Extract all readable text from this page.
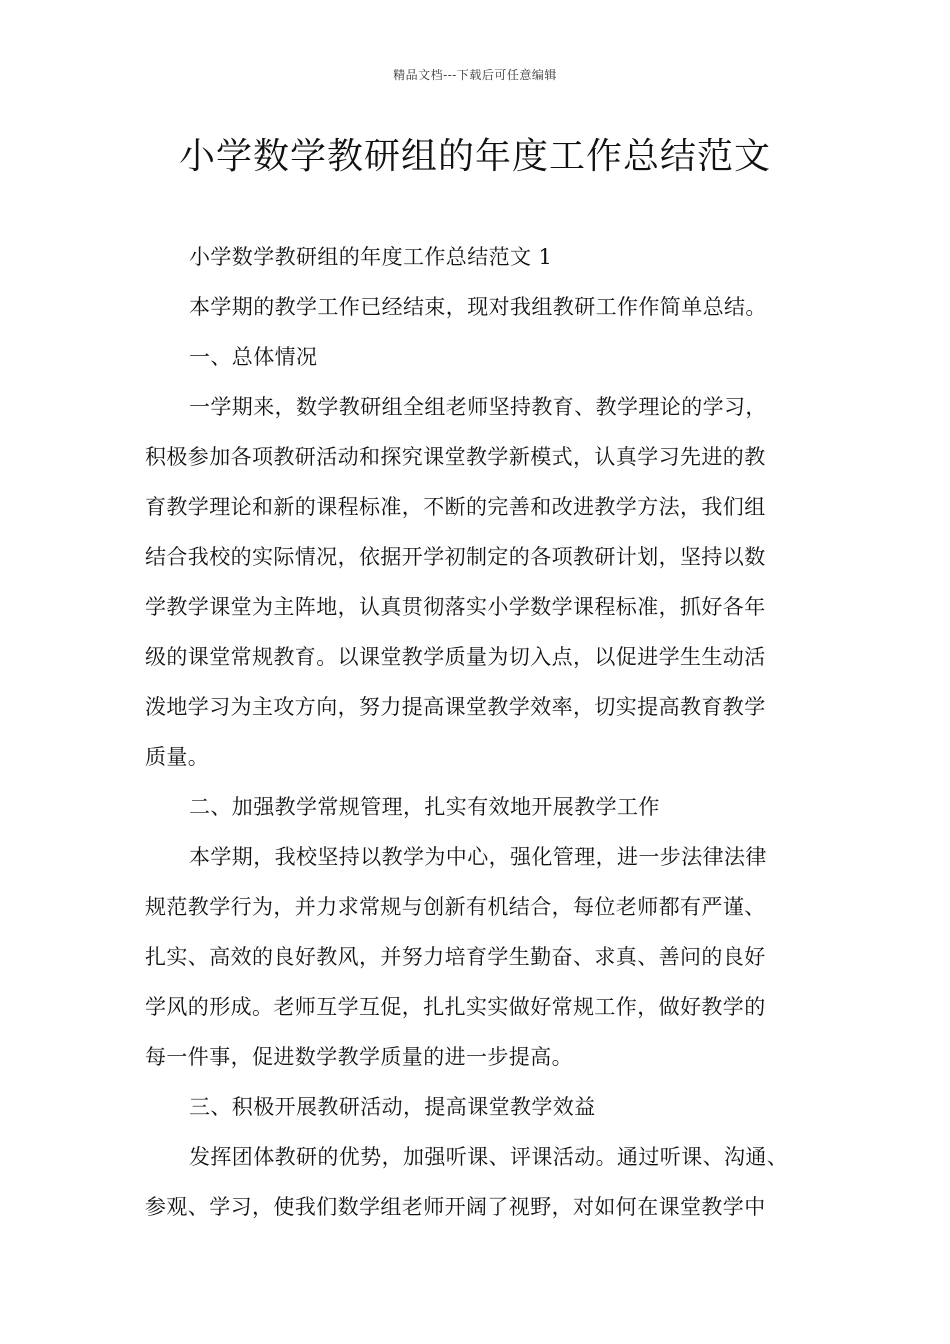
精品文档---下载后可任意编辑
小学数学教研组的年度工作总结范文
小学数学教研组的年度工作总结范文 1
本学期的教学工作已经结束，现对我组教研工作作简单总结。
一、总体情况
一学期来，数学教研组全组老师坚持教育、教学理论的学习，
积极参加各项教研活动和探究课堂教学新模式，认真学习先进的教
育教学理论和新的课程标准，不断的完善和改进教学方法，我们组
结合我校的实际情况，依据开学初制定的各项教研计划，坚持以数
学教学课堂为主阵地，认真贯彻落实小学数学课程标准，抓好各年
级的课堂常规教育。以课堂教学质量为切入点，以促进学生生动活
泼地学习为主攻方向，努力提高课堂教学效率，切实提高教育教学
质量。
二、加强教学常规管理，扎实有效地开展教学工作
本学期，我校坚持以教学为中心，强化管理，进一步法律法律
规范教学行为，并力求常规与创新有机结合，每位老师都有严谨、
扎实、高效的良好教风，并努力培育学生勤奋、求真、善问的良好
学风的形成。老师互学互促，扎扎实实做好常规工作，做好教学的
每一件事，促进数学教学质量的进一步提高。
三、积极开展教研活动，提高课堂教学效益
发挥团体教研的优势，加强听课、评课活动。通过听课、沟通、
参观、学习，使我们数学组老师开阔了视野，对如何在课堂教学中
